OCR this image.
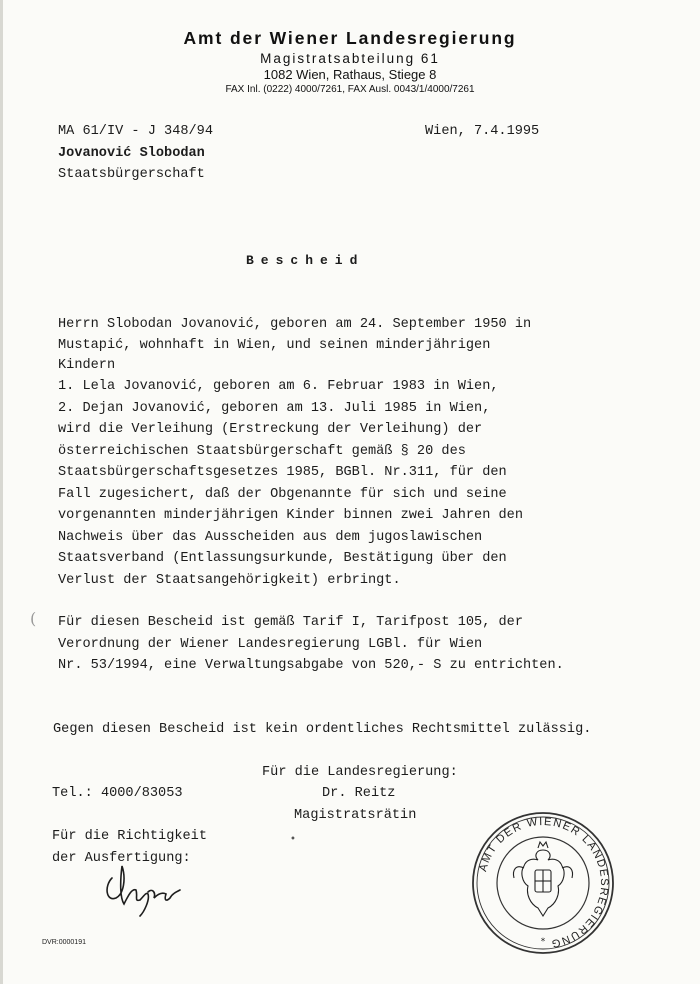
Amt der Wiener Landesregierung
Magistratsabteilung 61
1082 Wien, Rathaus, Stiege 8
FAX Inl. (0222) 4000/7261, FAX Ausl. 0043/1/4000/7261
MA 61/IV - J 348/94	Wien, 7.4.1995
Jovanović Slobodan
Staatsbürgerschaft
Bescheid
Herrn Slobodan Jovanović, geboren am 24. September 1950 in
Mustapić, wohnhaft in Wien, und seinen minderjährigen
Kindern
1. Lela Jovanović, geboren am 6. Februar 1983 in Wien,
2. Dejan Jovanović, geboren am 13. Juli 1985 in Wien,
wird die Verleihung (Erstreckung der Verleihung) der
österreichischen Staatsbürgerschaft gemäß § 20 des
Staatsbürgerschaftsgesetzes 1985, BGBl. Nr.311, für den
Fall zugesichert, daß der Obgenannte für sich und seine
vorgenannten minderjährigen Kinder binnen zwei Jahren den
Nachweis über das Ausscheiden aus dem jugoslawischen
Staatsverband (Entlassungsurkunde, Bestätigung über den
Verlust der Staatsangehörigkeit) erbringt.
( Für diesen Bescheid ist gemäß Tarif I, Tarifpost 105, der
Verordnung der Wiener Landesregierung LGBl. für Wien
Nr. 53/1994, eine Verwaltungsabgabe von 520,- S zu entrichten.
Gegen diesen Bescheid ist kein ordentliches Rechtsmittel zulässig.
Für die Landesregierung:
Tel.: 4000/83053	Dr. Reitz
Magistratsrätin
Für die Richtigkeit
der Ausfertigung:
•
DVR:0000191
AMT DER WIENER LANDESREGIERUNG
*
